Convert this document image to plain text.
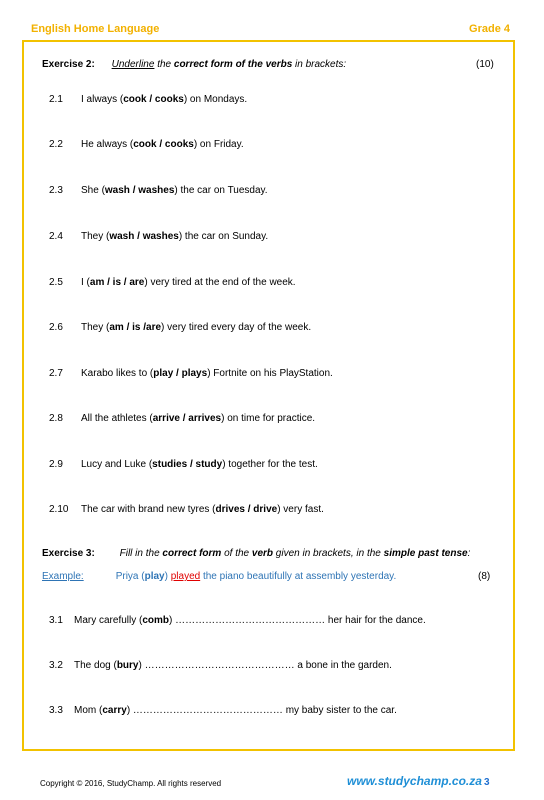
English Home Language	Grade 4
Exercise 2: Underline the correct form of the verbs in brackets:	(10)
2.1 I always (cook / cooks) on Mondays.
2.2 He always (cook / cooks) on Friday.
2.3 She (wash / washes) the car on Tuesday.
2.4 They (wash / washes) the car on Sunday.
2.5 I (am / is / are) very tired at the end of the week.
2.6 They (am / is /are) very tired every day of the week.
2.7 Karabo likes to (play / plays) Fortnite on his PlayStation.
2.8 All the athletes (arrive / arrives) on time for practice.
2.9 Lucy and Luke (studies / study) together for the test.
2.10 The car with brand new tyres (drives / drive) very fast.
Exercise 3: Fill in the correct form of the verb given in brackets, in the simple past tense:
Example:	Priya (play) played the piano beautifully at assembly yesterday.	(8)
3.1 Mary carefully (comb) ……………………………………… her hair for the dance.
3.2 The dog (bury) ……………………………………… a bone in the garden.
3.3 Mom (carry) ……………………………………… my baby sister to the car.
Copyright © 2016, StudyChamp. All rights reserved	www.studychamp.co.za 3
